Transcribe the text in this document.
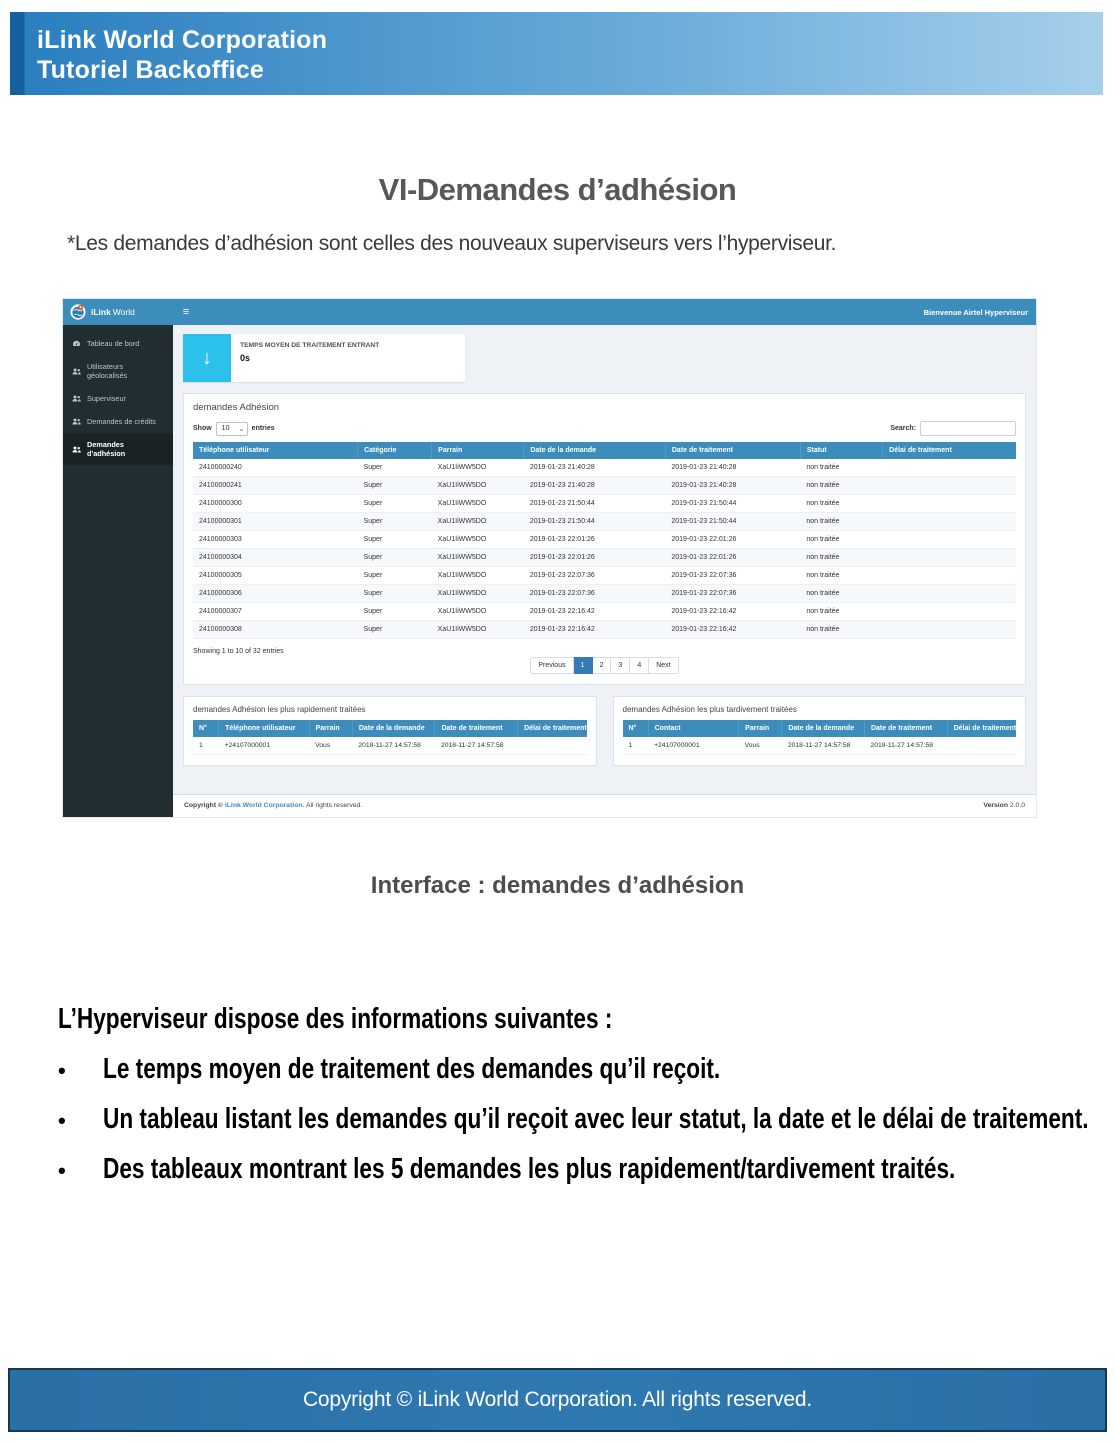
iLink World Corporation
Tutoriel Backoffice
VI-Demandes d’adhésion

*Les demandes d’adhésion sont celles des nouveaux superviseurs vers l’hyperviseur.

iLink World	≡	Bienvenue Airtel Hyperviseur
Tableau de bord
Utilisateurs géolocalisés
Superviseur
Demandes de crédits
Demandes d'adhésion
↓
TEMPS MOYEN DE TRAITEMENT ENTRANT
0s
demandes Adhésion
Show 10 ⌄ entries	Search:
Téléphone utilisateur	Catégorie	Parrain	Date de la demande	Date de traitement	Statut	Délai de traitement
24100000240	Super	XaU1IiWW5DO	2019-01-23 21:40:28	2019-01-23 21:40:28	non traitée	
24100000241	Super	XaU1IiWW5DO	2019-01-23 21:40:28	2019-01-23 21:40:28	non traitée	
24100000300	Super	XaU1IiWW5DO	2019-01-23 21:50:44	2019-01-23 21:50:44	non traitée	
24100000301	Super	XaU1IiWW5DO	2019-01-23 21:50:44	2019-01-23 21:50:44	non traitée	
24100000303	Super	XaU1IiWW5DO	2019-01-23 22:01:26	2019-01-23 22:01:26	non traitée	
24100000304	Super	XaU1IiWW5DO	2019-01-23 22:01:26	2019-01-23 22:01:26	non traitée	
24100000305	Super	XaU1IiWW5DO	2019-01-23 22:07:36	2019-01-23 22:07:36	non traitée	
24100000306	Super	XaU1IiWW5DO	2019-01-23 22:07:36	2019-01-23 22:07:36	non traitée	
24100000307	Super	XaU1IiWW5DO	2019-01-23 22:16:42	2019-01-23 22:16:42	non traitée	
24100000308	Super	XaU1IiWW5DO	2019-01-23 22:16:42	2019-01-23 22:16:42	non traitée	
Showing 1 to 10 of 32 entries
Previous	1	2	3	4	Next
demandes Adhésion les plus rapidement traitées
N°	Téléphone utilisateur	Parrain	Date de la demande	Date de traitement	Délai de traitement
1	+24107000001	Vous	2018-11-27 14:57:58	2018-11-27 14:57:58	
demandes Adhésion les plus tardivement traitées
N°	Contact	Parrain	Date de la demande	Date de traitement	Délai de traitement
1	+24107000001	Vous	2018-11-27 14:57:58	2018-11-27 14:57:58	
Copyright © iLink World Corporation. All rights reserved.	Version 2.0.0
Interface : demandes d’adhésion
L’Hyperviseur dispose des informations suivantes :
•	Le temps moyen de traitement des demandes qu’il reçoit.
•	Un tableau listant les demandes qu’il reçoit avec leur statut, la date et le délai de traitement.
•	Des tableaux montrant les 5 demandes les plus rapidement/tardivement traités.
Copyright © iLink World Corporation. All rights reserved.
